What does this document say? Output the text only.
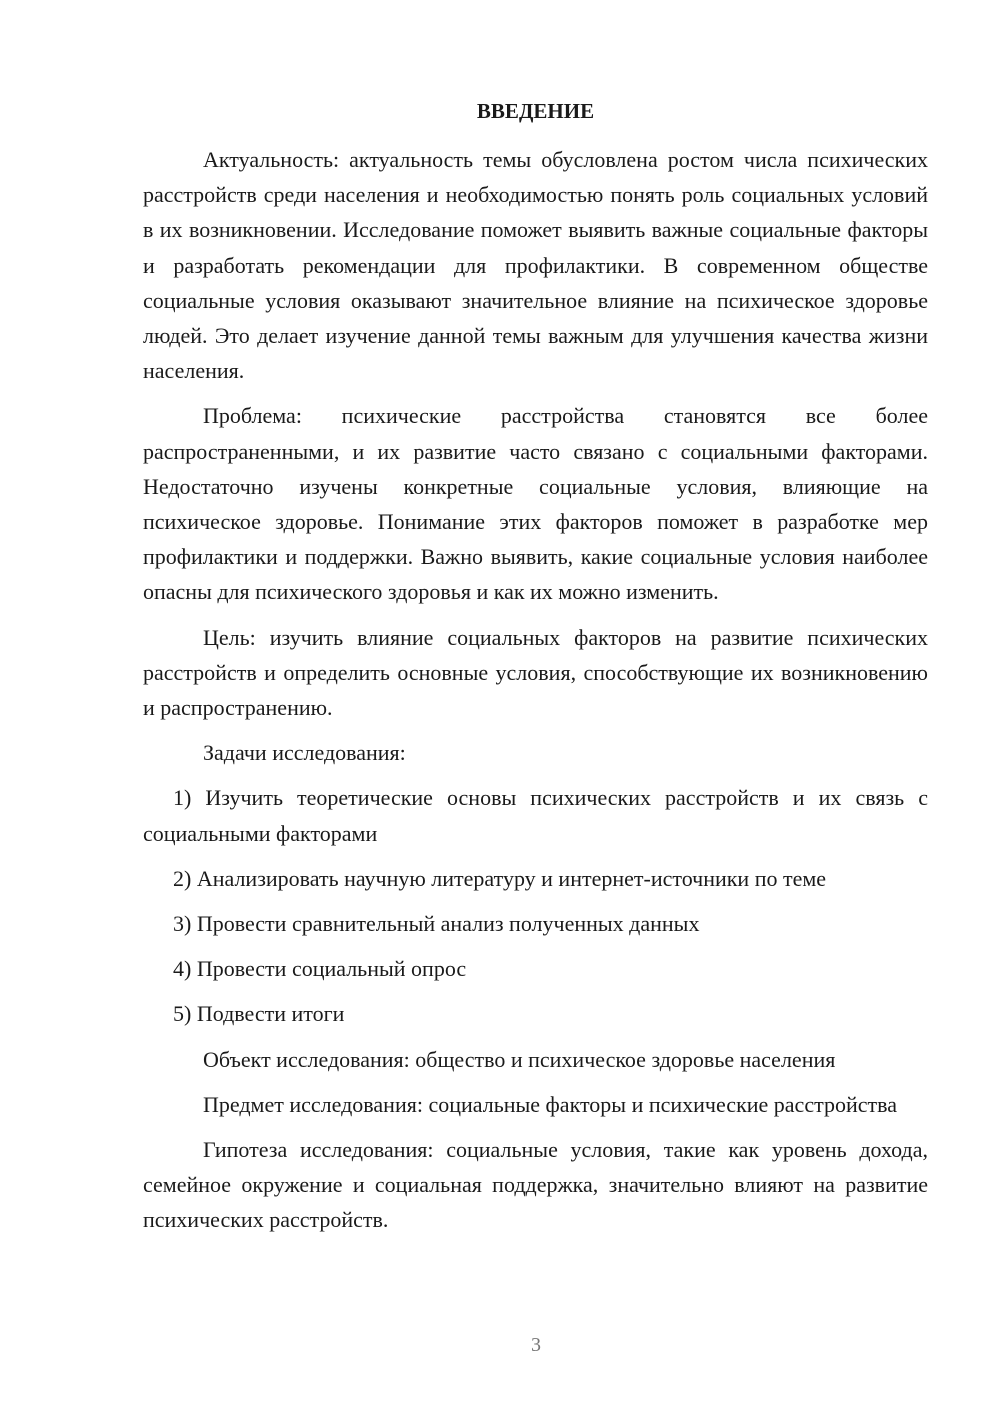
ВВЕДЕНИЕ

Актуальность: актуальность темы обусловлена ростом числа психических расстройств среди населения и необходимостью понять роль социальных условий в их возникновении. Исследование поможет выявить важные социальные факторы и разработать рекомендации для профилактики. В современном обществе социальные условия оказывают значительное влияние на психическое здоровье людей. Это делает изучение данной темы важным для улучшения качества жизни населения.

Проблема: психические расстройства становятся все более распространенными, и их развитие часто связано с социальными факторами. Недостаточно изучены конкретные социальные условия, влияющие на психическое здоровье. Понимание этих факторов поможет в разработке мер профилактики и поддержки. Важно выявить, какие социальные условия наиболее опасны для психического здоровья и как их можно изменить.

Цель: изучить влияние социальных факторов на развитие психических расстройств и определить основные условия, способствующие их возникновению и распространению.

Задачи исследования:

1) Изучить теоретические основы психических расстройств и их связь с социальными факторами

2) Анализировать научную литературу и интернет-источники по теме

3) Провести сравнительный анализ полученных данных

4) Провести социальный опрос

5) Подвести итоги

Объект исследования: общество и психическое здоровье населения

Предмет исследования: социальные факторы и психические расстройства

Гипотеза исследования: социальные условия, такие как уровень дохода, семейное окружение и социальная поддержка, значительно влияют на развитие психических расстройств.

3
